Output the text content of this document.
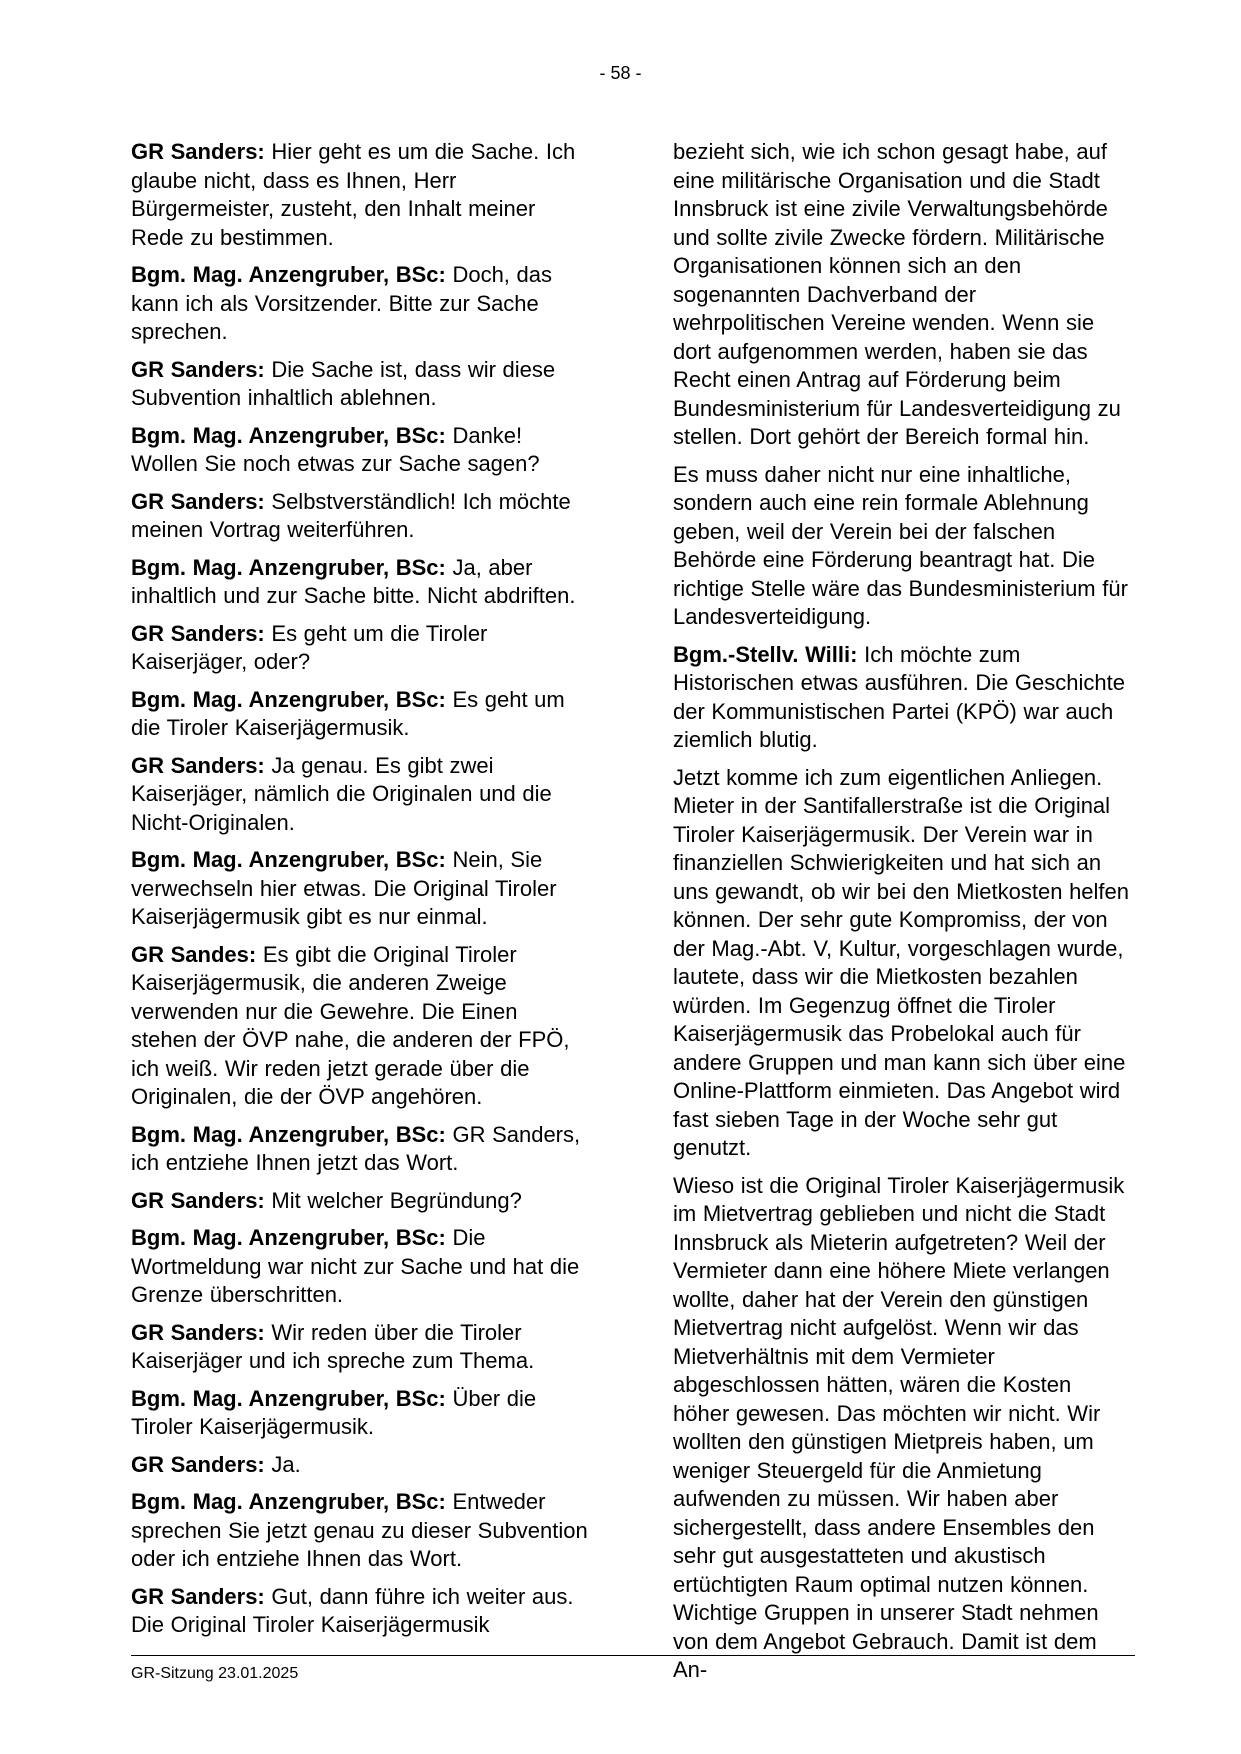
- 58 -

GR Sanders: Hier geht es um die Sache. Ich glaube nicht, dass es Ihnen, Herr Bürgermeister, zusteht, den Inhalt meiner Rede zu bestimmen.

Bgm. Mag. Anzengruber, BSc: Doch, das kann ich als Vorsitzender. Bitte zur Sache sprechen.

GR Sanders: Die Sache ist, dass wir diese Subvention inhaltlich ablehnen.

Bgm. Mag. Anzengruber, BSc: Danke! Wollen Sie noch etwas zur Sache sagen?

GR Sanders: Selbstverständlich! Ich möchte meinen Vortrag weiterführen.

Bgm. Mag. Anzengruber, BSc: Ja, aber inhaltlich und zur Sache bitte. Nicht abdriften.

GR Sanders: Es geht um die Tiroler Kaiserjäger, oder?

Bgm. Mag. Anzengruber, BSc: Es geht um die Tiroler Kaiserjägermusik.

GR Sanders: Ja genau. Es gibt zwei Kaiserjäger, nämlich die Originalen und die Nicht-Originalen.

Bgm. Mag. Anzengruber, BSc: Nein, Sie verwechseln hier etwas. Die Original Tiroler Kaiserjägermusik gibt es nur einmal.

GR Sandes: Es gibt die Original Tiroler Kaiserjägermusik, die anderen Zweige verwenden nur die Gewehre. Die Einen stehen der ÖVP nahe, die anderen der FPÖ, ich weiß. Wir reden jetzt gerade über die Originalen, die der ÖVP angehören.

Bgm. Mag. Anzengruber, BSc: GR Sanders, ich entziehe Ihnen jetzt das Wort.

GR Sanders: Mit welcher Begründung?

Bgm. Mag. Anzengruber, BSc: Die Wortmeldung war nicht zur Sache und hat die Grenze überschritten.

GR Sanders: Wir reden über die Tiroler Kaiserjäger und ich spreche zum Thema.

Bgm. Mag. Anzengruber, BSc: Über die Tiroler Kaiserjägermusik.

GR Sanders: Ja.

Bgm. Mag. Anzengruber, BSc: Entweder sprechen Sie jetzt genau zu dieser Subvention oder ich entziehe Ihnen das Wort.

GR Sanders: Gut, dann führe ich weiter aus. Die Original Tiroler Kaiserjägermusik

bezieht sich, wie ich schon gesagt habe, auf eine militärische Organisation und die Stadt Innsbruck ist eine zivile Verwaltungsbehörde und sollte zivile Zwecke fördern. Militärische Organisationen können sich an den sogenannten Dachverband der wehrpolitischen Vereine wenden. Wenn sie dort aufgenommen werden, haben sie das Recht einen Antrag auf Förderung beim Bundesministerium für Landesverteidigung zu stellen. Dort gehört der Bereich formal hin.

Es muss daher nicht nur eine inhaltliche, sondern auch eine rein formale Ablehnung geben, weil der Verein bei der falschen Behörde eine Förderung beantragt hat. Die richtige Stelle wäre das Bundesministerium für Landesverteidigung.

Bgm.-Stellv. Willi: Ich möchte zum Historischen etwas ausführen. Die Geschichte der Kommunistischen Partei (KPÖ) war auch ziemlich blutig.

Jetzt komme ich zum eigentlichen Anliegen. Mieter in der Santifallerstraße ist die Original Tiroler Kaiserjägermusik. Der Verein war in finanziellen Schwierigkeiten und hat sich an uns gewandt, ob wir bei den Mietkosten helfen können. Der sehr gute Kompromiss, der von der Mag.-Abt. V, Kultur, vorgeschlagen wurde, lautete, dass wir die Mietkosten bezahlen würden. Im Gegenzug öffnet die Tiroler Kaiserjägermusik das Probelokal auch für andere Gruppen und man kann sich über eine Online-Plattform einmieten. Das Angebot wird fast sieben Tage in der Woche sehr gut genutzt.

Wieso ist die Original Tiroler Kaiserjägermusik im Mietvertrag geblieben und nicht die Stadt Innsbruck als Mieterin aufgetreten? Weil der Vermieter dann eine höhere Miete verlangen wollte, daher hat der Verein den günstigen Mietvertrag nicht aufgelöst. Wenn wir das Mietverhältnis mit dem Vermieter abgeschlossen hätten, wären die Kosten höher gewesen. Das möchten wir nicht. Wir wollten den günstigen Mietpreis haben, um weniger Steuergeld für die Anmietung aufwenden zu müssen. Wir haben aber sichergestellt, dass andere Ensembles den sehr gut ausgestatteten und akustisch ertüchtigten Raum optimal nutzen können. Wichtige Gruppen in unserer Stadt nehmen von dem Angebot Gebrauch. Damit ist dem An-

GR-Sitzung 23.01.2025
